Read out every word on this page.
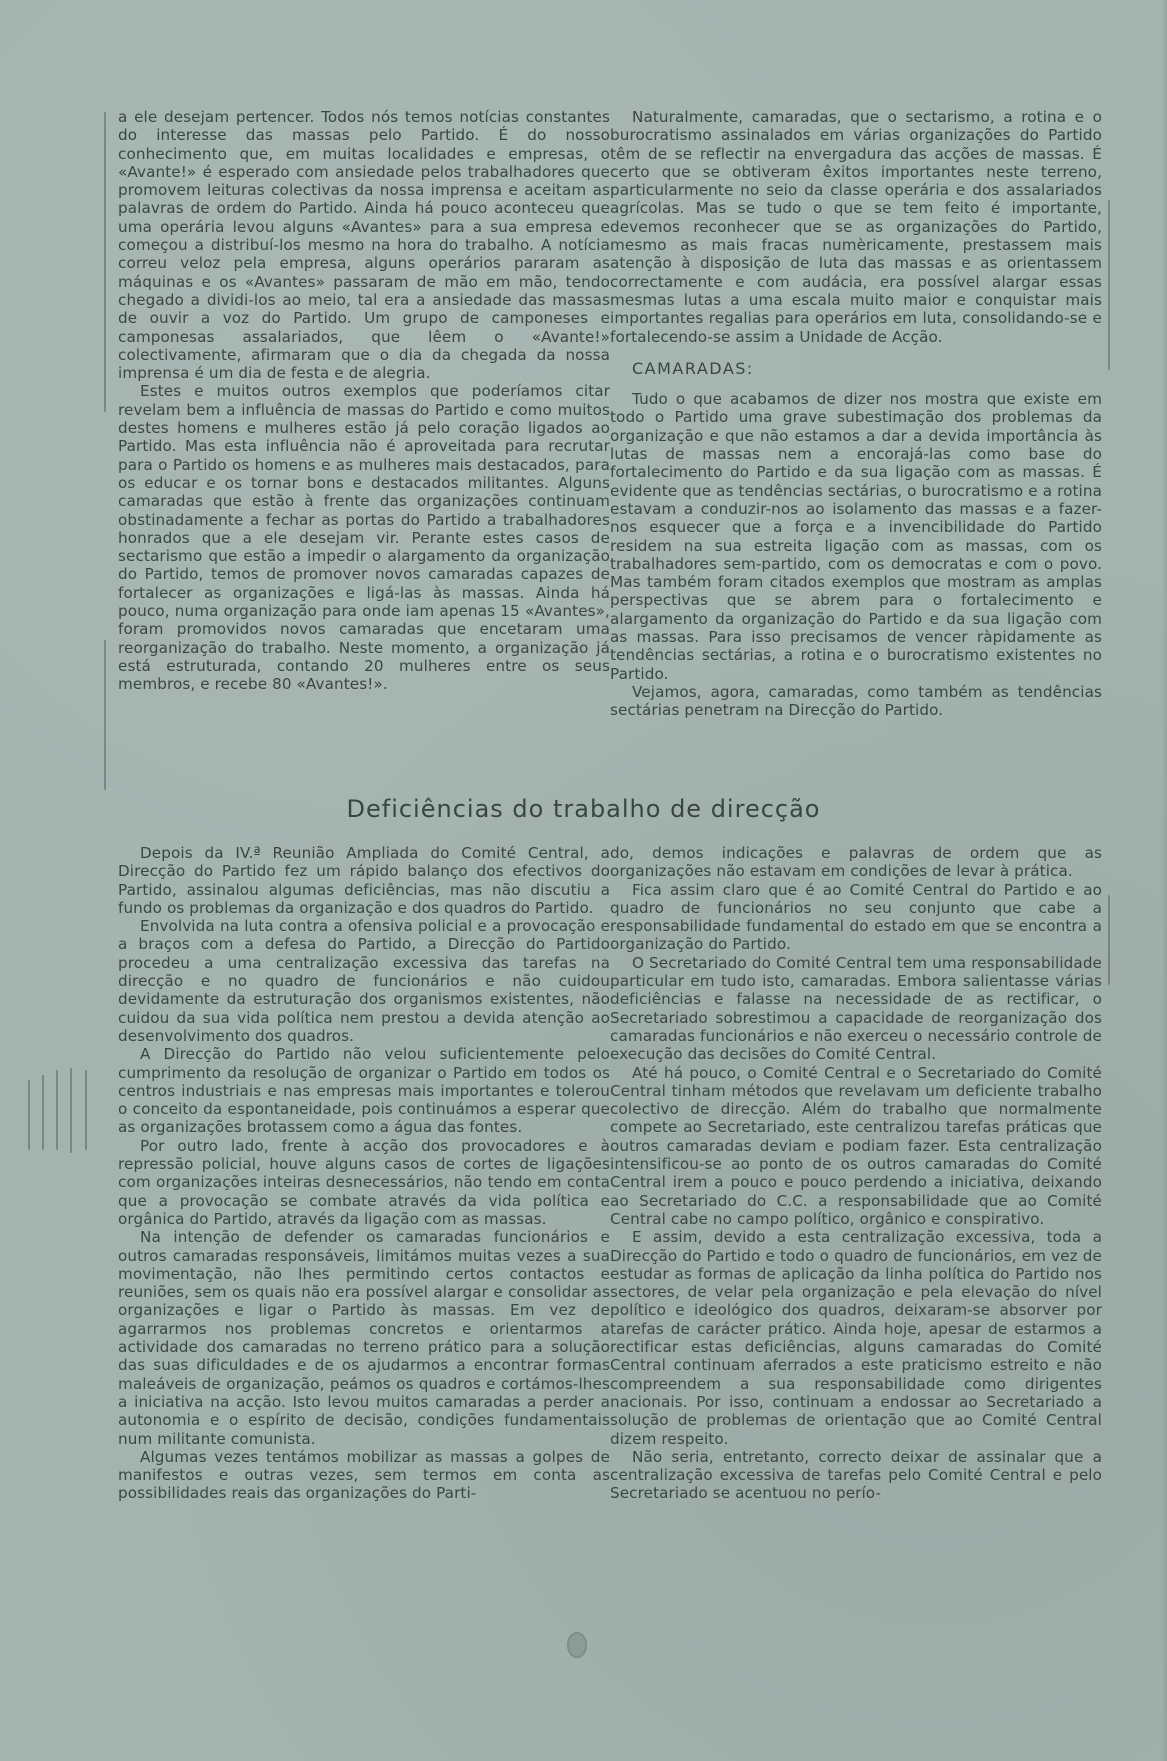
a ele desejam pertencer. Todos nós temos notícias constantes do interesse das massas pelo Partido. É do nosso conhecimento que, em muitas localidades e empresas, o «Avante!» é esperado com ansiedade pelos trabalhadores que promovem leituras colectivas da nossa imprensa e aceitam as palavras de ordem do Partido. Ainda há pouco aconteceu que uma operária levou alguns «Avantes» para a sua empresa e começou a distribuí-los mesmo na hora do trabalho. A notícia correu veloz pela empresa, alguns operários pararam as máquinas e os «Avantes» passaram de mão em mão, tendo chegado a dividi-los ao meio, tal era a ansiedade das massas de ouvir a voz do Partido. Um grupo de camponeses e camponesas assalariados, que lêem o «Avante!» colectivamente, afirmaram que o dia da chegada da nossa imprensa é um dia de festa e de alegria.

Estes e muitos outros exemplos que poderíamos citar revelam bem a influência de massas do Partido e como muitos destes homens e mulheres estão já pelo coração ligados ao Partido. Mas esta influência não é aproveitada para recrutar para o Partido os homens e as mulheres mais destacados, para os educar e os tornar bons e destacados militantes. Alguns camaradas que estão à frente das organizações continuam obstinadamente a fechar as portas do Partido a trabalhadores honrados que a ele desejam vir. Perante estes casos de sectarismo que estão a impedir o alargamento da organização do Partido, temos de promover novos camaradas capazes de fortalecer as organizações e ligá-las às massas. Ainda há pouco, numa organização para onde iam apenas 15 «Avantes», foram promovidos novos camaradas que encetaram uma reorganização do trabalho. Neste momento, a organização já está estruturada, contando 20 mulheres entre os seus membros, e recebe 80 «Avantes!».

Naturalmente, camaradas, que o sectarismo, a rotina e o burocratismo assinalados em várias organizações do Partido têm de se reflectir na envergadura das acções de massas. É certo que se obtiveram êxitos importantes neste terreno, particularmente no seio da classe operária e dos assalariados agrícolas. Mas se tudo o que se tem feito é importante, devemos reconhecer que se as organizações do Partido, mesmo as mais fracas numèricamente, prestassem mais atenção à disposição de luta das massas e as orientassem correctamente e com audácia, era possível alargar essas mesmas lutas a uma escala muito maior e conquistar mais importantes regalias para operários em luta, consolidando-se e fortalecendo-se assim a Unidade de Acção.

CAMARADAS:

Tudo o que acabamos de dizer nos mostra que existe em todo o Partido uma grave subestimação dos problemas da organização e que não estamos a dar a devida importância às lutas de massas nem a encorajá-las como base do fortalecimento do Partido e da sua ligação com as massas. É evidente que as tendências sectárias, o burocratismo e a rotina estavam a conduzir-nos ao isolamento das massas e a fazer-nos esquecer que a força e a invencibilidade do Partido residem na sua estreita ligação com as massas, com os trabalhadores sem-partido, com os democratas e com o povo. Mas também foram citados exemplos que mostram as amplas perspectivas que se abrem para o fortalecimento e alargamento da organização do Partido e da sua ligação com as massas. Para isso precisamos de vencer ràpidamente as tendências sectárias, a rotina e o burocratismo existentes no Partido.

Vejamos, agora, camaradas, como também as tendências sectárias penetram na Direcção do Partido.

Deficiências do trabalho de direcção

Depois da IV.ª Reunião Ampliada do Comité Central, a Direcção do Partido fez um rápido balanço dos efectivos do Partido, assinalou algumas deficiências, mas não discutiu a fundo os problemas da organização e dos quadros do Partido.

Envolvida na luta contra a ofensiva policial e a provocação e a braços com a defesa do Partido, a Direcção do Partido procedeu a uma centralização excessiva das tarefas na direcção e no quadro de funcionários e não cuidou devidamente da estruturação dos organismos existentes, não cuidou da sua vida política nem prestou a devida atenção ao desenvolvimento dos quadros.

A Direcção do Partido não velou suficientemente pelo cumprimento da resolução de organizar o Partido em todos os centros industriais e nas empresas mais importantes e tolerou o conceito da espontaneidade, pois continuámos a esperar que as organizações brotassem como a água das fontes.

Por outro lado, frente à acção dos provocadores e à repressão policial, houve alguns casos de cortes de ligações com organizações inteiras desnecessários, não tendo em conta que a provocação se combate através da vida política e orgânica do Partido, através da ligação com as massas.

Na intenção de defender os camaradas funcionários e outros camaradas responsáveis, limitámos muitas vezes a sua movimentação, não lhes permitindo certos contactos e reuniões, sem os quais não era possível alargar e consolidar as organizações e ligar o Partido às massas. Em vez de agarrarmos nos problemas concretos e orientarmos a actividade dos camaradas no terreno prático para a solução das suas dificuldades e de os ajudarmos a encontrar formas maleáveis de organização, peámos os quadros e cortámos-lhes a iniciativa na acção. Isto levou muitos camaradas a perder a autonomia e o espírito de decisão, condições fundamentais num militante comunista.

Algumas vezes tentámos mobilizar as massas a golpes de manifestos e outras vezes, sem termos em conta as possibilidades reais das organizações do Parti-

do, demos indicações e palavras de ordem que as organizações não estavam em condições de levar à prática.

Fica assim claro que é ao Comité Central do Partido e ao quadro de funcionários no seu conjunto que cabe a responsabilidade fundamental do estado em que se encontra a organização do Partido.

O Secretariado do Comité Central tem uma responsabilidade particular em tudo isto, camaradas. Embora salientasse várias deficiências e falasse na necessidade de as rectificar, o Secretariado sobrestimou a capacidade de reorganização dos camaradas funcionários e não exerceu o necessário controle de execução das decisões do Comité Central.

Até há pouco, o Comité Central e o Secretariado do Comité Central tinham métodos que revelavam um deficiente trabalho colectivo de direcção. Além do trabalho que normalmente compete ao Secretariado, este centralizou tarefas práticas que outros camaradas deviam e podiam fazer. Esta centralização intensificou-se ao ponto de os outros camaradas do Comité Central irem a pouco e pouco perdendo a iniciativa, deixando ao Secretariado do C.C. a responsabilidade que ao Comité Central cabe no campo político, orgânico e conspirativo.

E assim, devido a esta centralização excessiva, toda a Direcção do Partido e todo o quadro de funcionários, em vez de estudar as formas de aplicação da linha política do Partido nos sectores, de velar pela organização e pela elevação do nível político e ideológico dos quadros, deixaram-se absorver por tarefas de carácter prático. Ainda hoje, apesar de estarmos a rectificar estas deficiências, alguns camaradas do Comité Central continuam aferrados a este praticismo estreito e não compreendem a sua responsabilidade como dirigentes nacionais. Por isso, continuam a endossar ao Secretariado a solução de problemas de orientação que ao Comité Central dizem respeito.

Não seria, entretanto, correcto deixar de assinalar que a centralização excessiva de tarefas pelo Comité Central e pelo Secretariado se acentuou no perío-
